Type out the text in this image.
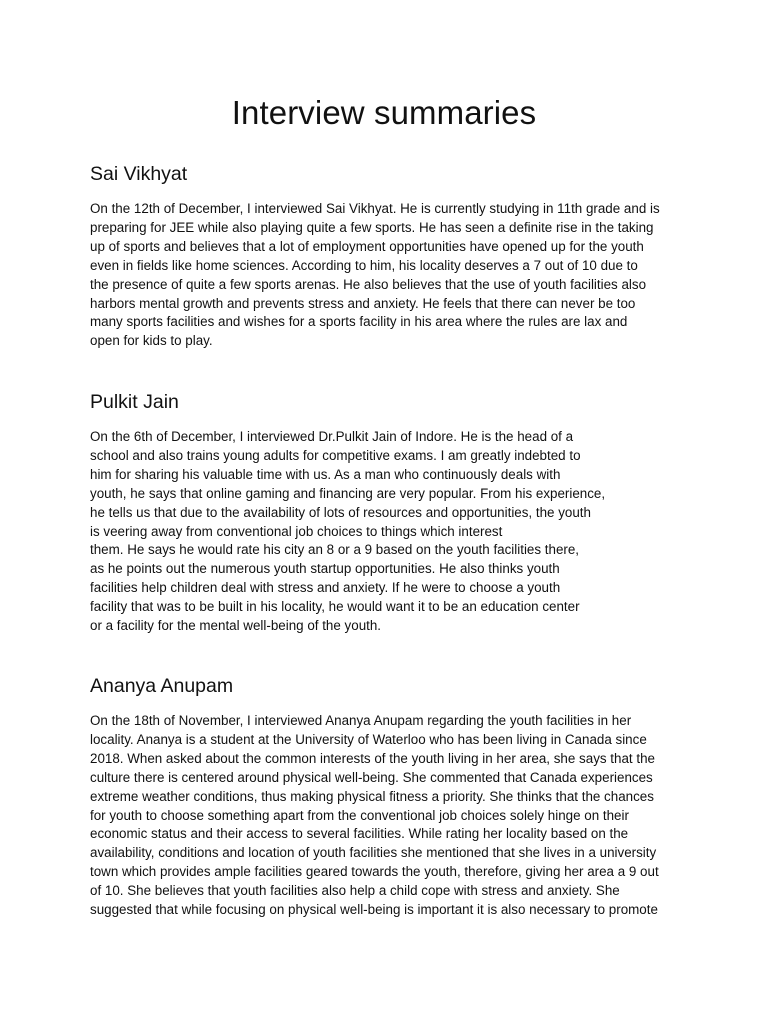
Interview summaries
Sai Vikhyat

On the 12th of December, I interviewed Sai Vikhyat. He is currently studying in 11th grade and is
preparing for JEE while also playing quite a few sports. He has seen a definite rise in the taking
up of sports and believes that a lot of employment opportunities have opened up for the youth
even in fields like home sciences. According to him, his locality deserves a 7 out of 10 due to
the presence of quite a few sports arenas. He also believes that the use of youth facilities also
harbors mental growth and prevents stress and anxiety. He feels that there can never be too
many sports facilities and wishes for a sports facility in his area where the rules are lax and
open for kids to play.

Pulkit Jain

On the 6th of December, I interviewed Dr.Pulkit Jain of Indore. He is the head of a
school and also trains young adults for competitive exams. I am greatly indebted to
him for sharing his valuable time with us. As a man who continuously deals with
youth, he says that online gaming and financing are very popular. From his experience,
he tells us that due to the availability of lots of resources and opportunities, the youth
is veering away from conventional job choices to things which interest
them. He says he would rate his city an 8 or a 9 based on the youth facilities there,
as he points out the numerous youth startup opportunities. He also thinks youth
facilities help children deal with stress and anxiety. If he were to choose a youth
facility that was to be built in his locality, he would want it to be an education center
or a facility for the mental well-being of the youth.

Ananya Anupam

On the 18th of November, I interviewed Ananya Anupam regarding the youth facilities in her
locality. Ananya is a student at the University of Waterloo who has been living in Canada since
2018. When asked about the common interests of the youth living in her area, she says that the
culture there is centered around physical well-being. She commented that Canada experiences
extreme weather conditions, thus making physical fitness a priority. She thinks that the chances
for youth to choose something apart from the conventional job choices solely hinge on their
economic status and their access to several facilities. While rating her locality based on the
availability, conditions and location of youth facilities she mentioned that she lives in a university
town which provides ample facilities geared towards the youth, therefore, giving her area a 9 out
of 10. She believes that youth facilities also help a child cope with stress and anxiety. She
suggested that while focusing on physical well-being is important it is also necessary to promote
